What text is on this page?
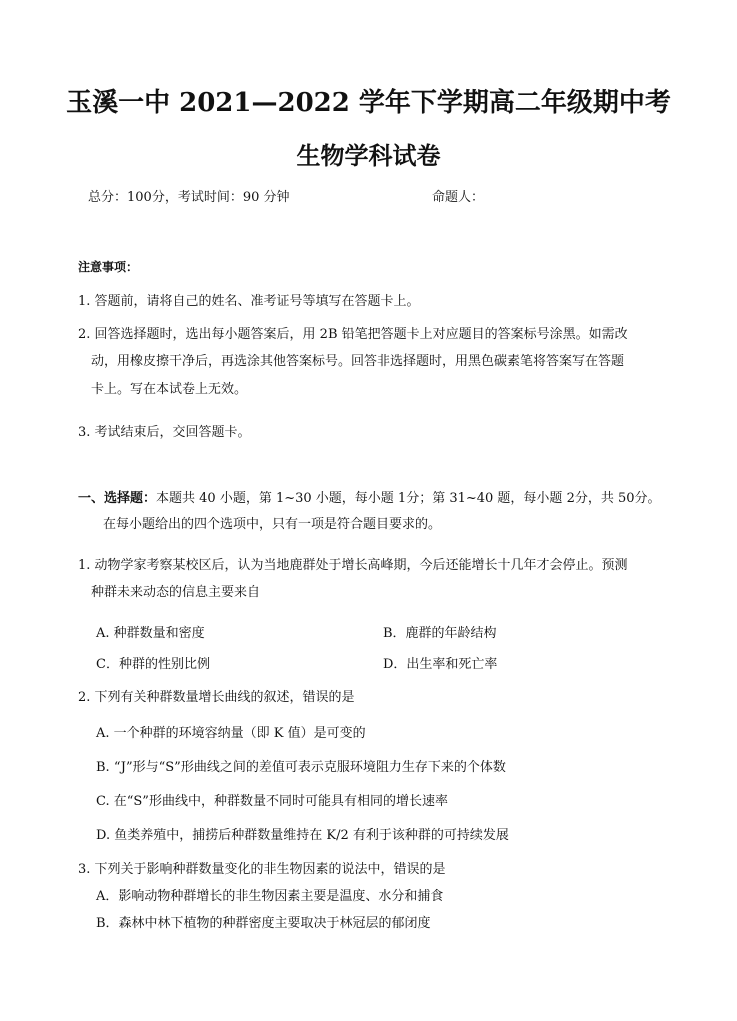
玉溪一中 2021—2022 学年下学期高二年级期中考
生物学科试卷
总分：100分，考试时间：90 分钟	命题人：
注意事项：
1. 答题前，请将自己的姓名、准考证号等填写在答题卡上。
2. 回答选择题时，选出每小题答案后，用 2B 铅笔把答题卡上对应题目的答案标号涂黑。如需改
动，用橡皮擦干净后，再选涂其他答案标号。回答非选择题时，用黑色碳素笔将答案写在答题
卡上。写在本试卷上无效。
3. 考试结束后，交回答题卡。
一、选择题：本题共 40 小题，第 1~30 小题，每小题 1分；第 31~40 题，每小题 2分，共 50分。
在每小题给出的四个选项中，只有一项是符合题目要求的。
1. 动物学家考察某校区后，认为当地鹿群处于增长高峰期，今后还能增长十几年才会停止。预测
种群未来动态的信息主要来自
A. 种群数量和密度	B．鹿群的年龄结构
C．种群的性别比例	D．出生率和死亡率
2. 下列有关种群数量增长曲线的叙述，错误的是
A. 一个种群的环境容纳量（即 K 值）是可变的
B. “J”形与“S”形曲线之间的差值可表示克服环境阻力生存下来的个体数
C. 在“S”形曲线中，种群数量不同时可能具有相同的增长速率
D. 鱼类养殖中，捕捞后种群数量维持在 K/2 有利于该种群的可持续发展
3. 下列关于影响种群数量变化的非生物因素的说法中，错误的是
A．影响动物种群增长的非生物因素主要是温度、水分和捕食
B．森林中林下植物的种群密度主要取决于林冠层的郁闭度
